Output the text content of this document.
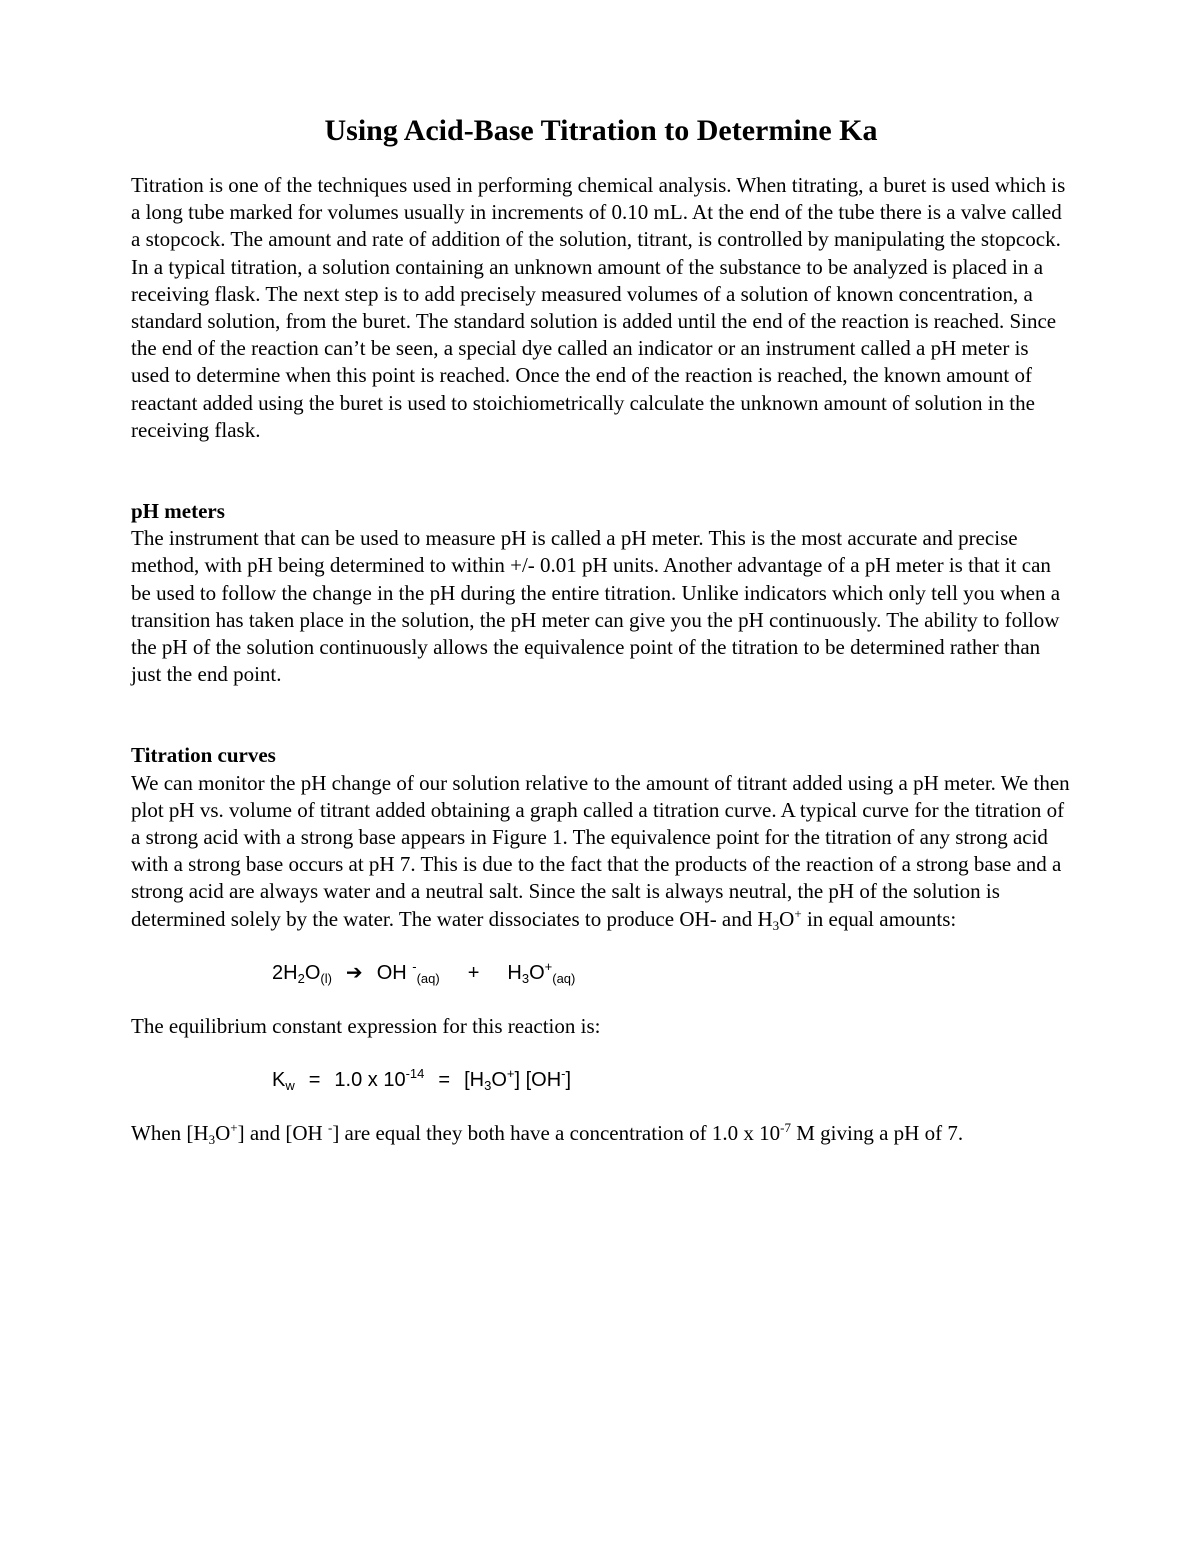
Using Acid-Base Titration to Determine Ka

Titration is one of the techniques used in performing chemical analysis. When titrating, a buret is used which is a long tube marked for volumes usually in increments of 0.10 mL. At the end of the tube there is a valve called a stopcock. The amount and rate of addition of the solution, titrant, is controlled by manipulating the stopcock. In a typical titration, a solution containing an unknown amount of the substance to be analyzed is placed in a receiving flask. The next step is to add precisely measured volumes of a solution of known concentration, a standard solution, from the buret. The standard solution is added until the end of the reaction is reached. Since the end of the reaction can’t be seen, a special dye called an indicator or an instrument called a pH meter is used to determine when this point is reached. Once the end of the reaction is reached, the known amount of reactant added using the buret is used to stoichiometrically calculate the unknown amount of solution in the receiving flask.

pH meters

The instrument that can be used to measure pH is called a pH meter. This is the most accurate and precise method, with pH being determined to within +/- 0.01 pH units. Another advantage of a pH meter is that it can be used to follow the change in the pH during the entire titration. Unlike indicators which only tell you when a transition has taken place in the solution, the pH meter can give you the pH continuously. The ability to follow the pH of the solution continuously allows the equivalence point of the titration to be determined rather than just the end point.

Titration curves

We can monitor the pH change of our solution relative to the amount of titrant added using a pH meter. We then plot pH vs. volume of titrant added obtaining a graph called a titration curve. A typical curve for the titration of a strong acid with a strong base appears in Figure 1. The equivalence point for the titration of any strong acid with a strong base occurs at pH 7. This is due to the fact that the products of the reaction of a strong base and a strong acid are always water and a neutral salt. Since the salt is always neutral, the pH of the solution is determined solely by the water. The water dissociates to produce OH- and $H_3O^+$ in equal amounts:

$2H_2O_{(l)}$ ➔ OH $^-_{(aq)} + H_3O^+_{(aq)}$

The equilibrium constant expression for this reaction is:

$K_w = 1.0$ x $10^{-14} = [H_3O^+]$ [OH-]

When $[H_3O^+]$ and [OH -] are equal they both have a concentration of 1.0 x $10^{-7}$ M giving a pH of 7.
